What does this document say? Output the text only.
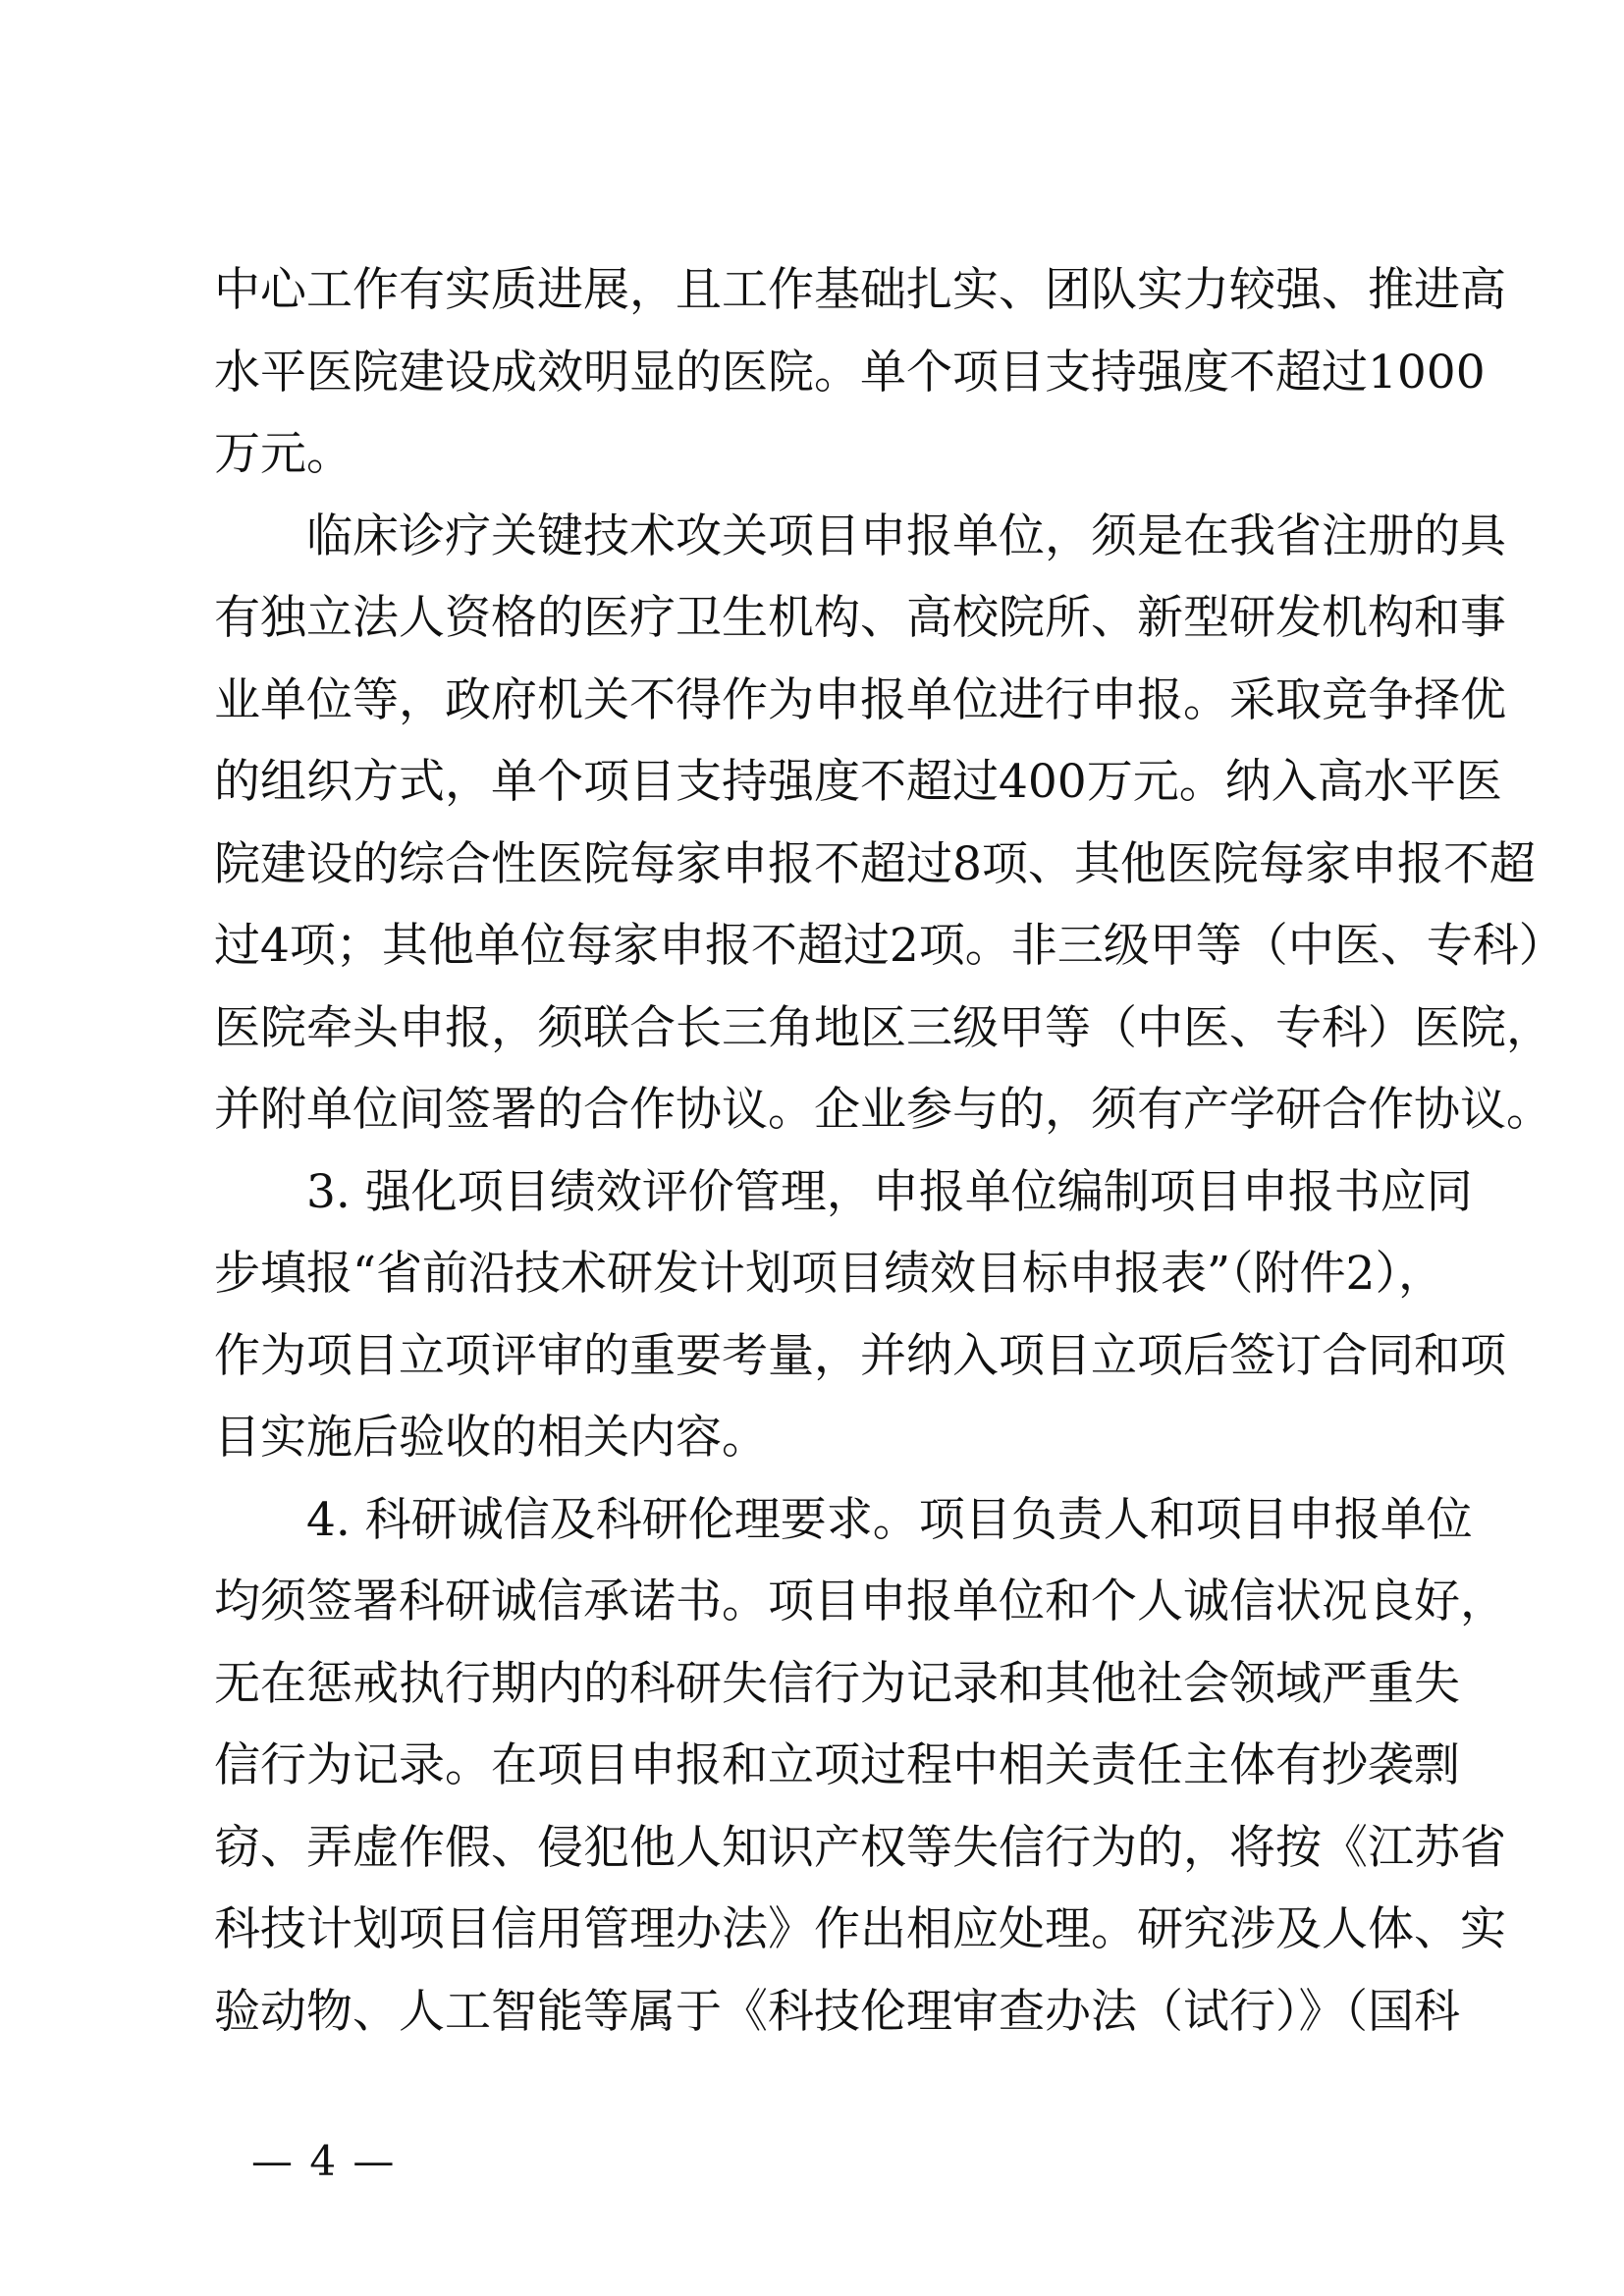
中心工作有实质进展，且工作基础扎实、团队实力较强、推进高
水平医院建设成效明显的医院。单个项目支持强度不超过1000
万元。
临床诊疗关键技术攻关项目申报单位，须是在我省注册的具
有独立法人资格的医疗卫生机构、高校院所、新型研发机构和事
业单位等，政府机关不得作为申报单位进行申报。采取竞争择优
的组织方式，单个项目支持强度不超过400万元。纳入高水平医
院建设的综合性医院每家申报不超过8项、其他医院每家申报不超
过4项；其他单位每家申报不超过2项。非三级甲等（中医、专科）
医院牵头申报，须联合长三角地区三级甲等（中医、专科）医院，
并附单位间签署的合作协议。企业参与的，须有产学研合作协议。
3. 强化项目绩效评价管理，申报单位编制项目申报书应同
步填报“省前沿技术研发计划项目绩效目标申报表”（附件2），
作为项目立项评审的重要考量，并纳入项目立项后签订合同和项
目实施后验收的相关内容。
4. 科研诚信及科研伦理要求。项目负责人和项目申报单位
均须签署科研诚信承诺书。项目申报单位和个人诚信状况良好，
无在惩戒执行期内的科研失信行为记录和其他社会领域严重失
信行为记录。在项目申报和立项过程中相关责任主体有抄袭剽
窃、弄虚作假、侵犯他人知识产权等失信行为的，将按《江苏省
科技计划项目信用管理办法》作出相应处理。研究涉及人体、实
验动物、人工智能等属于《科技伦理审查办法（试行）》（国科
— 4 —
